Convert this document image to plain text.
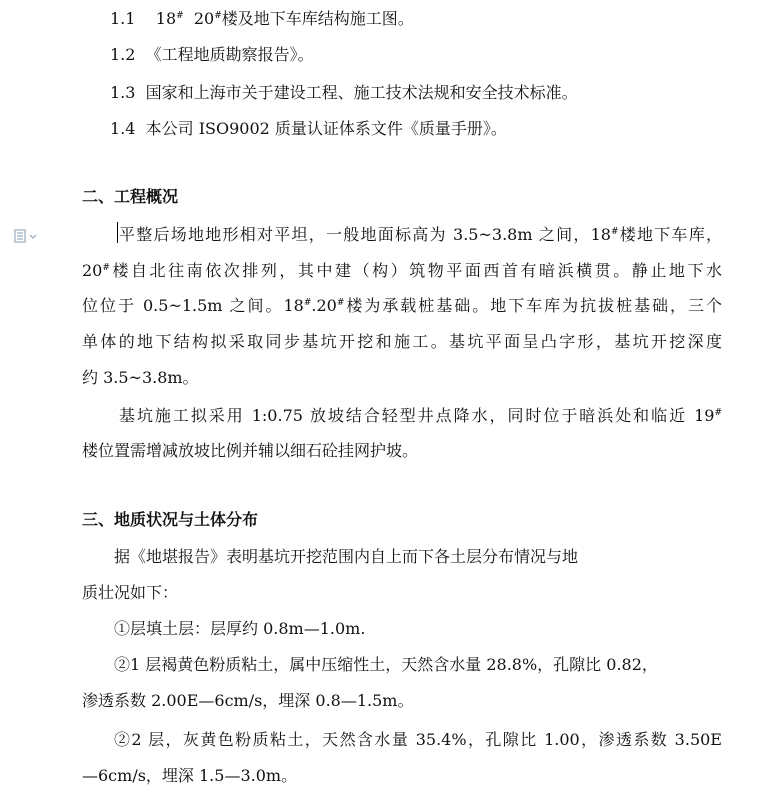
1.1 18# 20#楼及地下车库结构施工图。

1.2 《工程地质勘察报告》。

1.3 国家和上海市关于建设工程、施工技术法规和安全技术标准。

1.4 本公司 ISO9002 质量认证体系文件《质量手册》。

二、工程概况

平整后场地地形相对平坦，一般地面标高为 3.5~3.8m 之间，18#楼地下车库，

20#楼自北往南依次排列，其中建（构）筑物平面西首有暗浜横贯。静止地下水

位位于 0.5~1.5m 之间。18#.20#楼为承载桩基础。地下车库为抗拔桩基础，三个

单体的地下结构拟采取同步基坑开挖和施工。基坑平面呈凸字形，基坑开挖深度

约 3.5~3.8m。

基坑施工拟采用 1:0.75 放坡结合轻型井点降水，同时位于暗浜处和临近 19#

楼位置需增减放坡比例并辅以细石砼挂网护坡。

三、地质状况与土体分布

据《地堪报告》表明基坑开挖范围内自上而下各土层分布情况与地

质壮况如下：

①层填土层：层厚约 0.8m—1.0m.

②1 层褐黄色粉质粘土，属中压缩性土，天然含水量 28.8%，孔隙比 0.82，

渗透系数 2.00E—6cm/s，埋深 0.8—1.5m。

②2 层，灰黄色粉质粘土，天然含水量 35.4%，孔隙比 1.00，渗透系数 3.50E

—6cm/s，埋深 1.5—3.0m。
